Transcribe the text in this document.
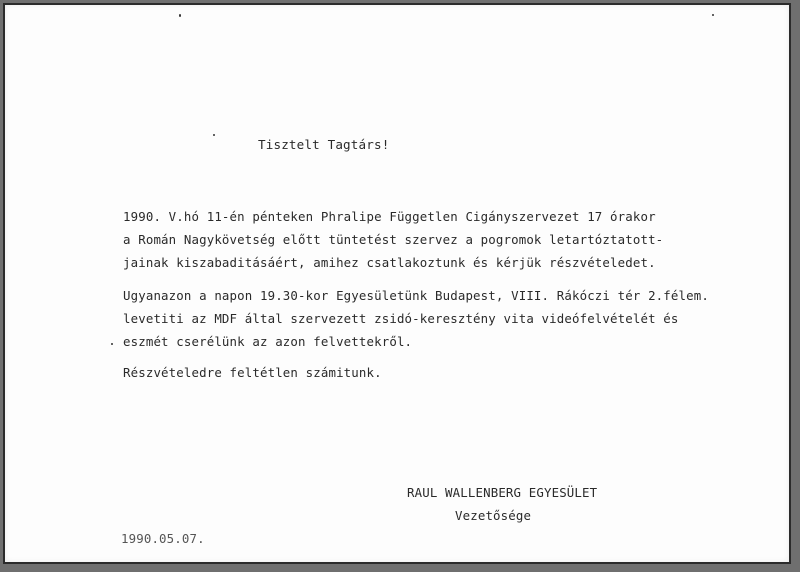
Tisztelt Tagtárs!
1990. V.hó 11-én pénteken Phralipe Független Cigányszervezet 17 órakor
a Román Nagykövetség előtt tüntetést szervez a pogromok letartóztatott-
jainak kiszabaditásáért, amihez csatlakoztunk és kérjük részvételedet.
Ugyanazon a napon 19.30-kor Egyesületünk Budapest, VIII. Rákóczi tér 2.félem.
levetiti az MDF által szervezett zsidó-keresztény vita videófelvételét és
eszmét cserélünk az azon felvettekről.
Részvételedre feltétlen számitunk.
RAUL WALLENBERG EGYESÜLET
Vezetősége
1990.05.07.
